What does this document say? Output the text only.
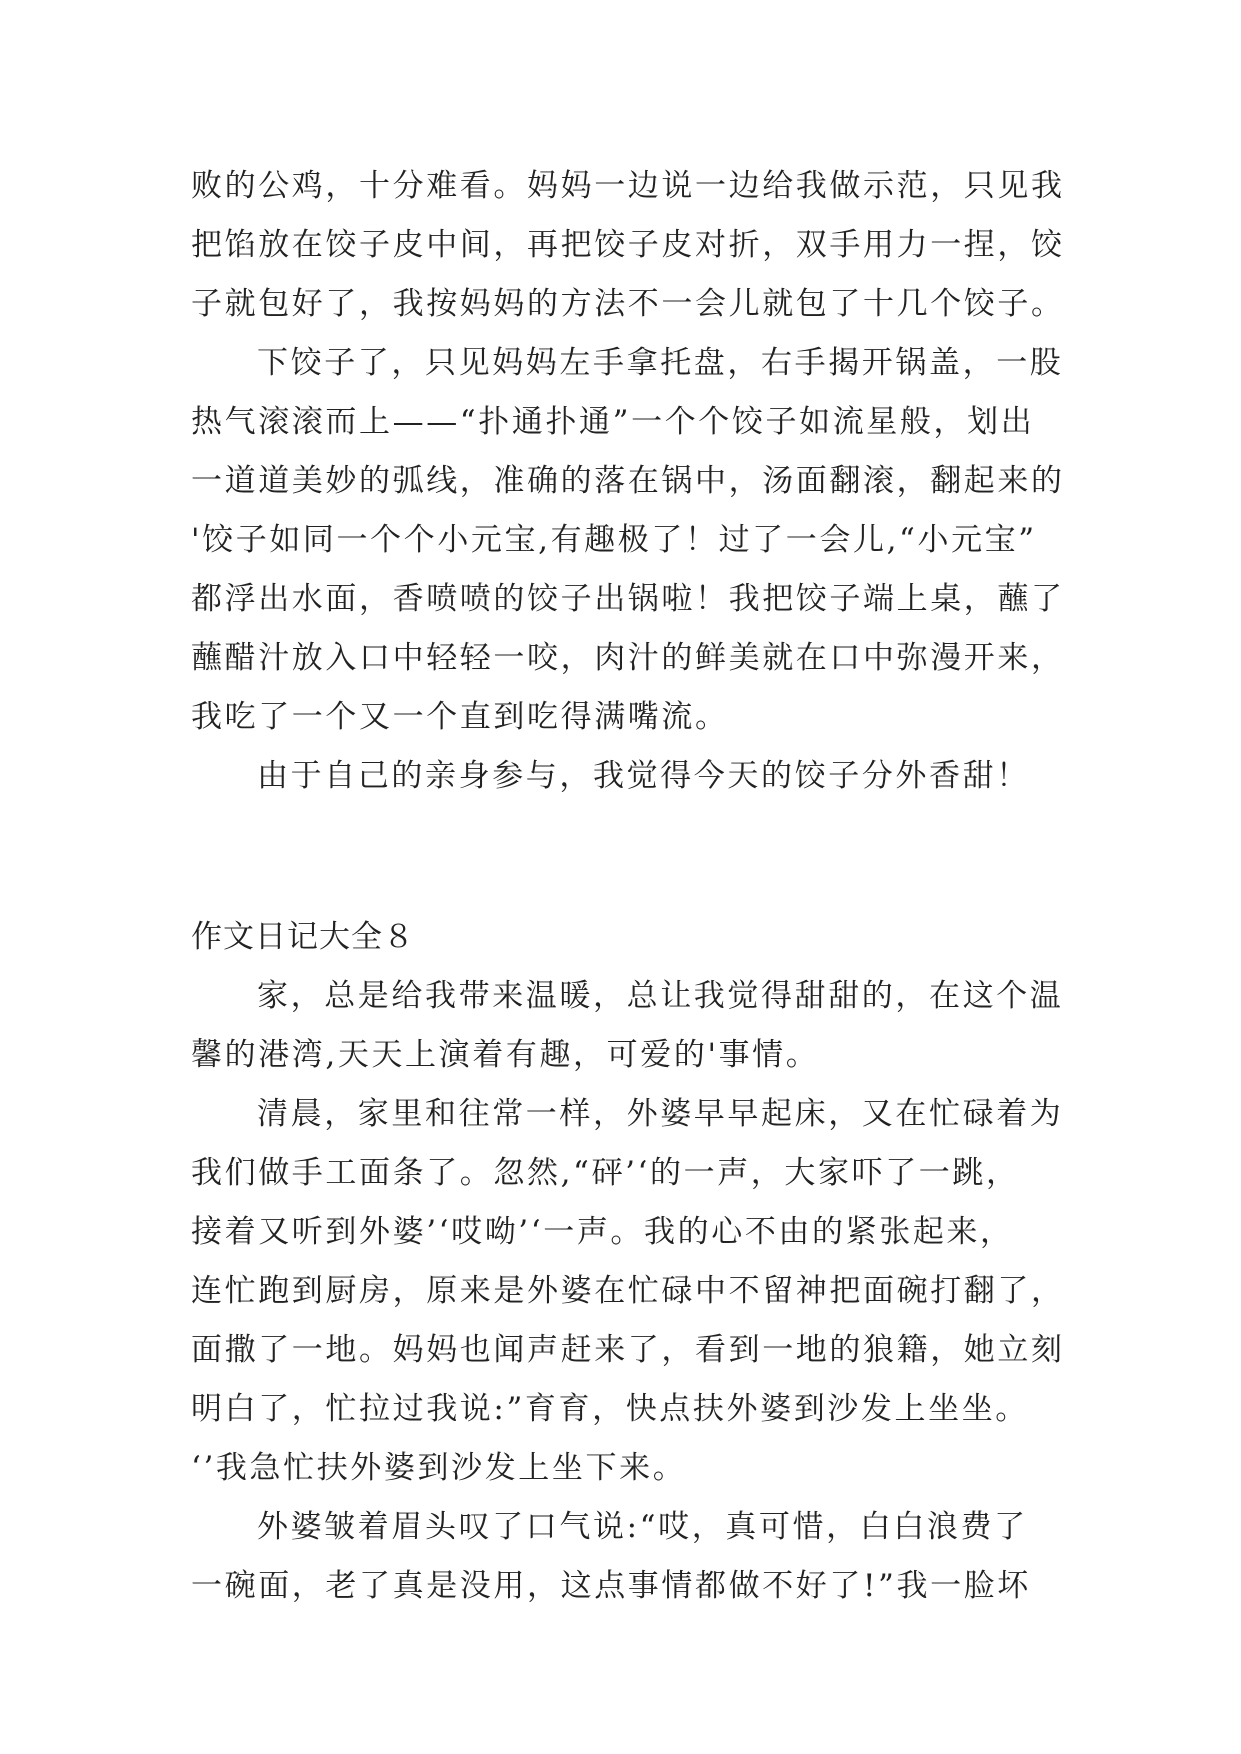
败的公鸡，十分难看。妈妈一边说一边给我做示范，只见我
把馅放在饺子皮中间，再把饺子皮对折，双手用力一捏，饺
子就包好了，我按妈妈的方法不一会儿就包了十几个饺子。
下饺子了，只见妈妈左手拿托盘，右手揭开锅盖，一股
热气滚滚而上——“扑通扑通”一个个饺子如流星般，划出
一道道美妙的弧线，准确的落在锅中，汤面翻滚，翻起来的
'饺子如同一个个小元宝,有趣极了！过了一会儿,“小元宝”
都浮出水面，香喷喷的饺子出锅啦！我把饺子端上桌，蘸了
蘸醋汁放入口中轻轻一咬，肉汁的鲜美就在口中弥漫开来，
我吃了一个又一个直到吃得满嘴流。
由于自己的亲身参与，我觉得今天的饺子分外香甜！
作文日记大全８
家，总是给我带来温暖，总让我觉得甜甜的，在这个温
馨的港湾,天天上演着有趣，可爱的'事情。
清晨，家里和往常一样，外婆早早起床，又在忙碌着为
我们做手工面条了。忽然,“砰’‘的一声，大家吓了一跳，
接着又听到外婆’‘哎呦’‘一声。我的心不由的紧张起来，
连忙跑到厨房，原来是外婆在忙碌中不留神把面碗打翻了，
面撒了一地。妈妈也闻声赶来了，看到一地的狼籍，她立刻
明白了，忙拉过我说:”育育，快点扶外婆到沙发上坐坐。
‘’我急忙扶外婆到沙发上坐下来。
外婆皱着眉头叹了口气说:“哎，真可惜，白白浪费了
一碗面，老了真是没用，这点事情都做不好了!”我一脸坏
